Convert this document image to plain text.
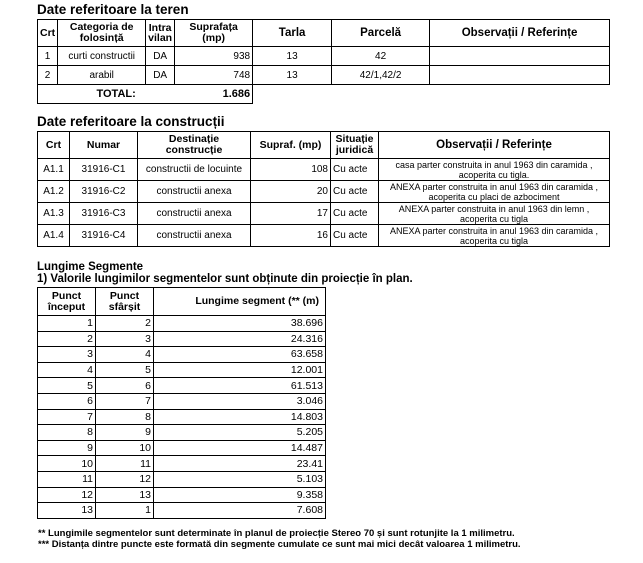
Date referitoare la teren
Crt	Categoria de folosință	Intra vilan	Suprafața (mp)	Tarla	Parcelă	Observații / Referințe
1	curti constructii	DA	938	13	42	
2	arabil	DA	748	13	42/1,42/2	
	TOTAL:		1.686			
Date referitoare la construcții
Crt	Numar	Destinație construcție	Supraf. (mp)	Situație juridică	Observații / Referințe
A1.1	31916-C1	constructii de locuinte	108	Cu acte	casa parter construita in anul 1963 din caramida , acoperita cu tigla.
A1.2	31916-C2	constructii anexa	20	Cu acte	ANEXA parter construita in anul 1963 din caramida , acoperita cu placi de azbociment
A1.3	31916-C3	constructii anexa	17	Cu acte	ANEXA parter construita in anul 1963 din lemn , acoperita cu tigla
A1.4	31916-C4	constructii anexa	16	Cu acte	ANEXA parter construita in anul 1963 din caramida , acoperita cu tigla
Lungime Segmente
1) Valorile lungimilor segmentelor sunt obținute din proiecție în plan.
Punct început	Punct sfârșit	Lungime segment (** (m)
1	2	38.696
2	3	24.316
3	4	63.658
4	5	12.001
5	6	61.513
6	7	3.046
7	8	14.803
8	9	5.205
9	10	14.487
10	11	23.41
11	12	5.103
12	13	9.358
13	1	7.608
** Lungimile segmentelor sunt determinate în planul de proiecție Stereo 70 și sunt rotunjite la 1 milimetru.
*** Distanța dintre puncte este formată din segmente cumulate ce sunt mai mici decât valoarea 1 milimetru.
